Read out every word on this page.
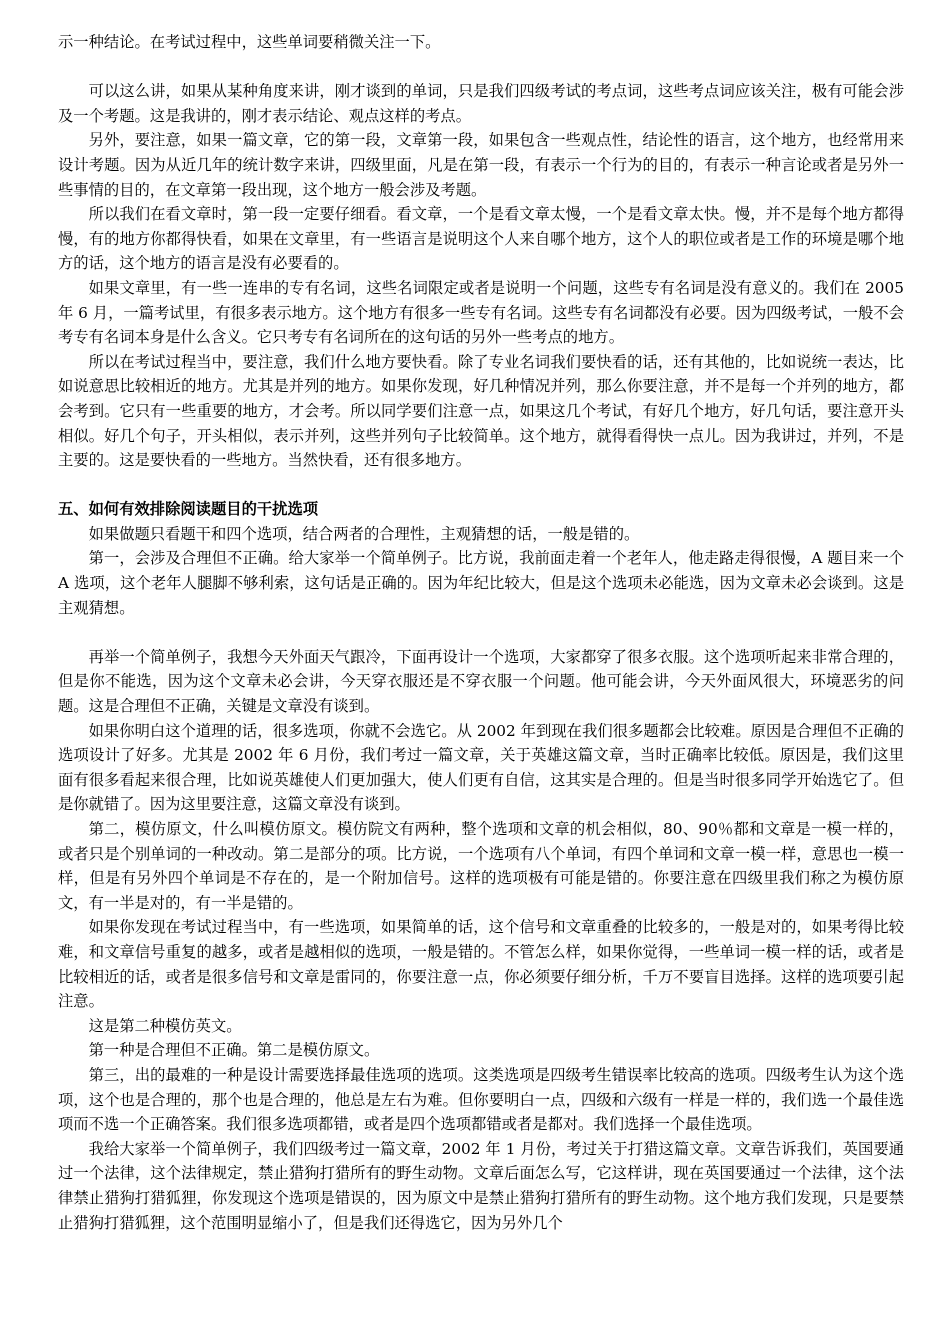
示一种结论。在考试过程中，这些单词要稍微关注一下。

可以这么讲，如果从某种角度来讲，刚才谈到的单词，只是我们四级考试的考点词，这些考点词应该关注，极有可能会涉及一个考题。这是我讲的，刚才表示结论、观点这样的考点。

另外，要注意，如果一篇文章，它的第一段，文章第一段，如果包含一些观点性，结论性的语言，这个地方，也经常用来设计考题。因为从近几年的统计数字来讲，四级里面，凡是在第一段，有表示一个行为的目的，有表示一种言论或者是另外一些事情的目的，在文章第一段出现，这个地方一般会涉及考题。

所以我们在看文章时，第一段一定要仔细看。看文章，一个是看文章太慢，一个是看文章太快。慢，并不是每个地方都得慢，有的地方你都得快看，如果在文章里，有一些语言是说明这个人来自哪个地方，这个人的职位或者是工作的环境是哪个地方的话，这个地方的语言是没有必要看的。

如果文章里，有一些一连串的专有名词，这些名词限定或者是说明一个问题，这些专有名词是没有意义的。我们在 2005 年 6 月，一篇考试里，有很多表示地方。这个地方有很多一些专有名词。这些专有名词都没有必要。因为四级考试，一般不会考专有名词本身是什么含义。它只考专有名词所在的这句话的另外一些考点的地方。

所以在考试过程当中，要注意，我们什么地方要快看。除了专业名词我们要快看的话，还有其他的，比如说统一表达，比如说意思比较相近的地方。尤其是并列的地方。如果你发现，好几种情况并列，那么你要注意，并不是每一个并列的地方，都会考到。它只有一些重要的地方，才会考。所以同学要们注意一点，如果这几个考试，有好几个地方，好几句话，要注意开头相似。好几个句子，开头相似，表示并列，这些并列句子比较简单。这个地方，就得看得快一点儿。因为我讲过，并列，不是主要的。这是要快看的一些地方。当然快看，还有很多地方。

五、如何有效排除阅读题目的干扰选项

如果做题只看题干和四个选项，结合两者的合理性，主观猜想的话，一般是错的。

第一，会涉及合理但不正确。给大家举一个简单例子。比方说，我前面走着一个老年人，他走路走得很慢，A 题目来一个 A 选项，这个老年人腿脚不够利索，这句话是正确的。因为年纪比较大，但是这个选项未必能选，因为文章未必会谈到。这是主观猜想。

再举一个简单例子，我想今天外面天气跟冷，下面再设计一个选项，大家都穿了很多衣服。这个选项听起来非常合理的，但是你不能选，因为这个文章未必会讲，今天穿衣服还是不穿衣服一个问题。他可能会讲，今天外面风很大，环境恶劣的问题。这是合理但不正确，关键是文章没有谈到。

如果你明白这个道理的话，很多选项，你就不会选它。从 2002 年到现在我们很多题都会比较难。原因是合理但不正确的选项设计了好多。尤其是 2002 年 6 月份，我们考过一篇文章，关于英雄这篇文章，当时正确率比较低。原因是，我们这里面有很多看起来很合理，比如说英雄使人们更加强大，使人们更有自信，这其实是合理的。但是当时很多同学开始选它了。但是你就错了。因为这里要注意，这篇文章没有谈到。

第二，模仿原文，什么叫模仿原文。模仿院文有两种，整个选项和文章的机会相似，80、90％都和文章是一模一样的，或者只是个别单词的一种改动。第二是部分的项。比方说，一个选项有八个单词，有四个单词和文章一模一样，意思也一模一样，但是有另外四个单词是不存在的，是一个附加信号。这样的选项极有可能是错的。你要注意在四级里我们称之为模仿原文，有一半是对的，有一半是错的。

如果你发现在考试过程当中，有一些选项，如果简单的话，这个信号和文章重叠的比较多的，一般是对的，如果考得比较难，和文章信号重复的越多，或者是越相似的选项，一般是错的。不管怎么样，如果你觉得，一些单词一模一样的话，或者是比较相近的话，或者是很多信号和文章是雷同的，你要注意一点，你必须要仔细分析，千万不要盲目选择。这样的选项要引起注意。

这是第二种模仿英文。

第一种是合理但不正确。第二是模仿原文。

第三，出的最难的一种是设计需要选择最佳选项的选项。这类选项是四级考生错误率比较高的选项。四级考生认为这个选项，这个也是合理的，那个也是合理的，他总是左右为难。但你要明白一点，四级和六级有一样是一样的，我们选一个最佳选项而不选一个正确答案。我们很多选项都错，或者是四个选项都错或者是都对。我们选择一个最佳选项。

我给大家举一个简单例子，我们四级考过一篇文章，2002 年 1 月份，考过关于打猎这篇文章。文章告诉我们，英国要通过一个法律，这个法律规定，禁止猎狗打猎所有的野生动物。文章后面怎么写，它这样讲，现在英国要通过一个法律，这个法律禁止猎狗打猎狐狸，你发现这个选项是错误的，因为原文中是禁止猎狗打猎所有的野生动物。这个地方我们发现，只是要禁止猎狗打猎狐狸，这个范围明显缩小了，但是我们还得选它，因为另外几个
